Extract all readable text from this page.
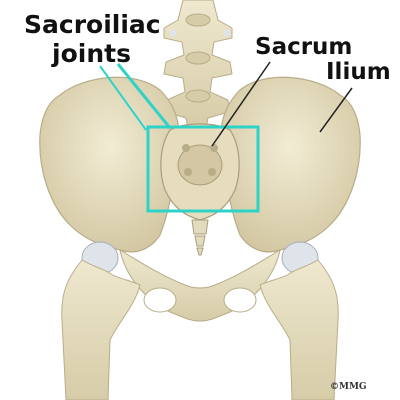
Sacroiliac
joints	Sacrum
Ilium
©MMG
